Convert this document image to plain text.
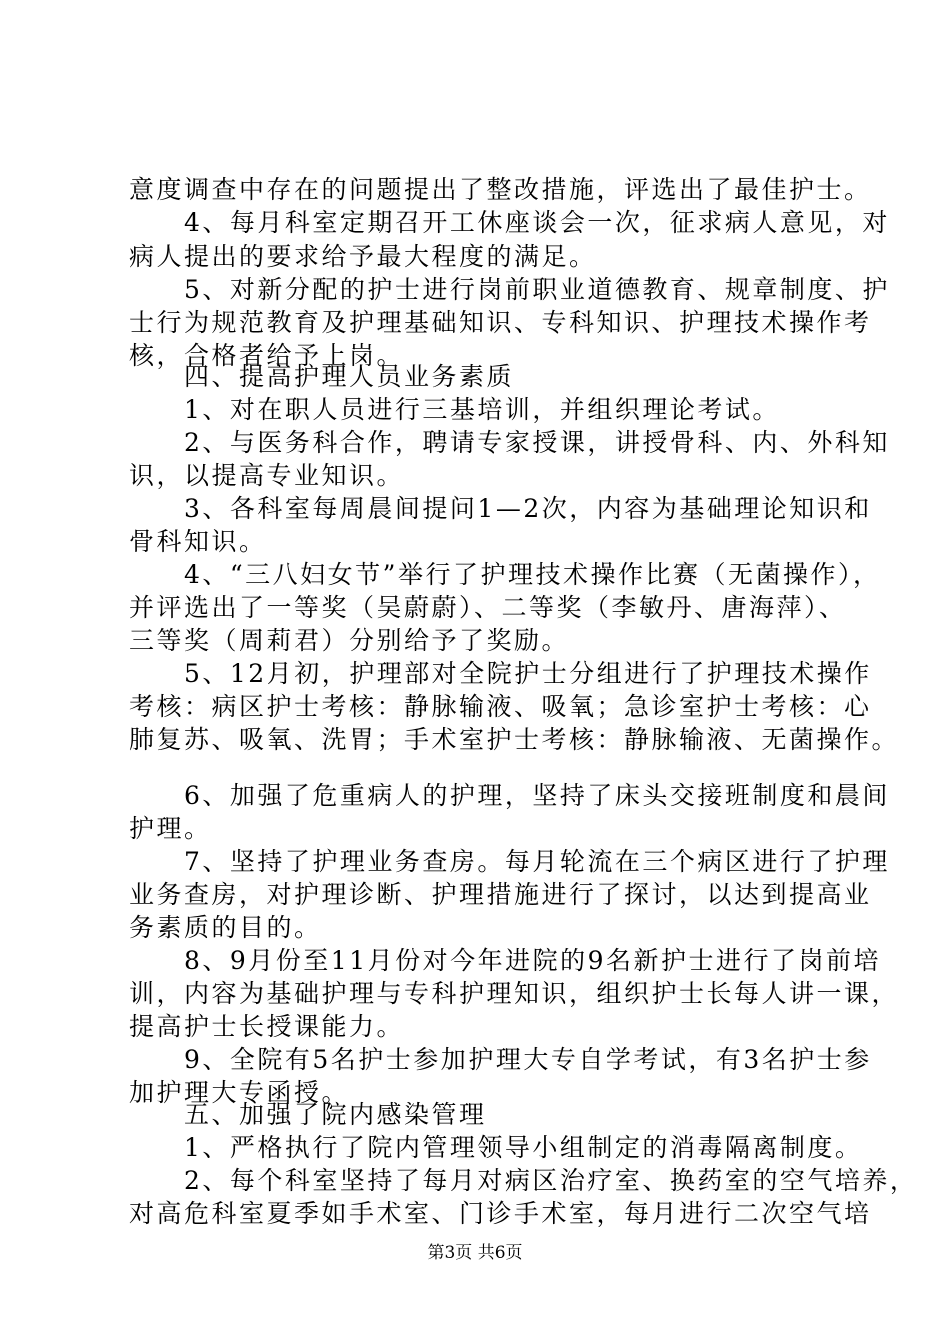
意度调查中存在的问题提出了整改措施，评选出了最佳护士。
　　4、每月科室定期召开工休座谈会一次，征求病人意见，对
病人提出的要求给予最大程度的满足。
　　5、对新分配的护士进行岗前职业道德教育、规章制度、护
士行为规范教育及护理基础知识、专科知识、护理技术操作考
核，合格者给予上岗。
　　四、提高护理人员业务素质
　　1、对在职人员进行三基培训，并组织理论考试。
　　2、与医务科合作，聘请专家授课，讲授骨科、内、外科知
识，以提高专业知识。
　　3、各科室每周晨间提问1—2次，内容为基础理论知识和
骨科知识。
　　4、“三八妇女节”举行了护理技术操作比赛（无菌操作），
并评选出了一等奖（吴蔚蔚）、二等奖（李敏丹、唐海萍）、
三等奖（周莉君）分别给予了奖励。
　　5、12月初，护理部对全院护士分组进行了护理技术操作
考核：病区护士考核：静脉输液、吸氧；急诊室护士考核：心
肺复苏、吸氧、洗胃；手术室护士考核：静脉输液、无菌操作。
　　6、加强了危重病人的护理，坚持了床头交接班制度和晨间
护理。
　　7、坚持了护理业务查房。每月轮流在三个病区进行了护理
业务查房，对护理诊断、护理措施进行了探讨，以达到提高业
务素质的目的。
　　8、9月份至11月份对今年进院的9名新护士进行了岗前培
训，内容为基础护理与专科护理知识，组织护士长每人讲一课，
提高护士长授课能力。
　　9、全院有5名护士参加护理大专自学考试，有3名护士参
加护理大专函授。
　　五、加强了院内感染管理
　　1、严格执行了院内管理领导小组制定的消毒隔离制度。
　　2、每个科室坚持了每月对病区治疗室、换药室的空气培养，
对高危科室夏季如手术室、门诊手术室，每月进行二次空气培
第3页 共6页
